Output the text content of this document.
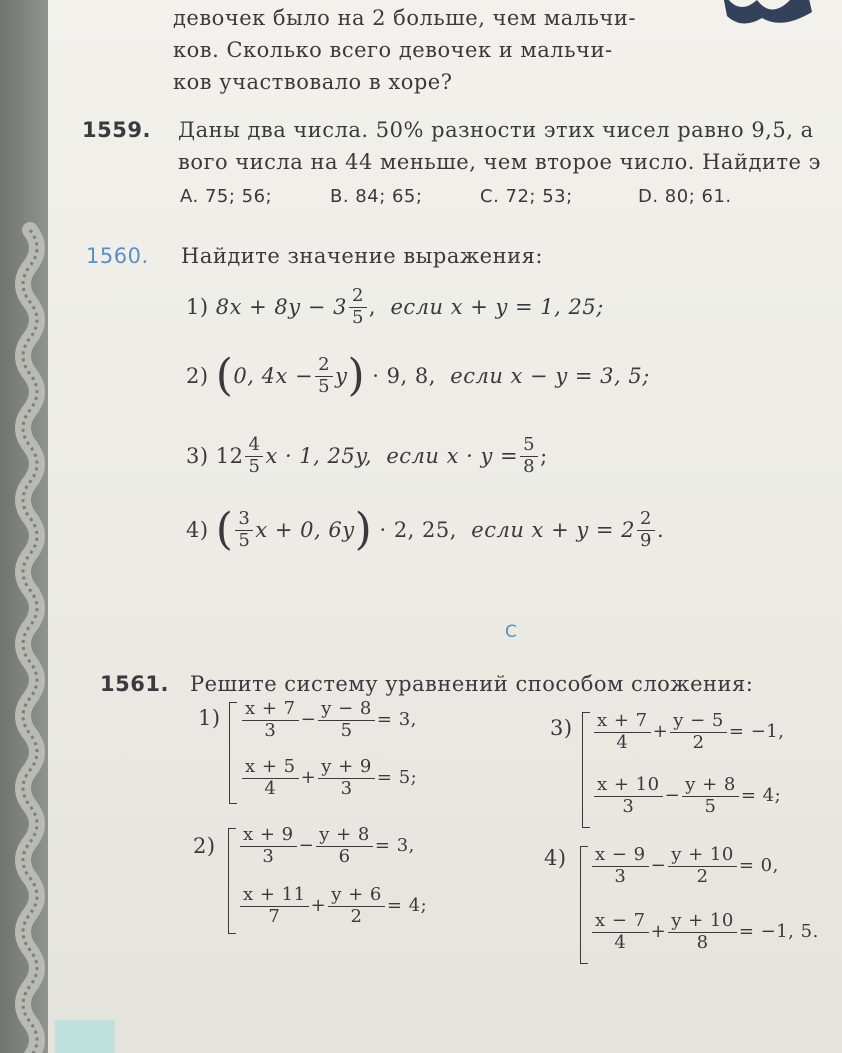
девочек было на 2 больше, чем мальчи-
ков. Сколько всего девочек и мальчи-
ков участвовало в хоре?
1559. Даны два числа. 50% разности этих чисел равно 9,5, а
вого числа на 44 меньше, чем второе число. Найдите э
A. 75; 56;	B. 84; 65;	C. 72; 53;	D. 80; 61.
1560. Найдите значение выражения:
1)
$8x + 8y - 3 \frac{2}{5}$ ,
если x + y = 1, 25;
2)
( 0, $4x - \frac{2}{5}$ y )
· 9, 8,
если x − y = 3, 5;
3)
$12 \frac{4}{5}$ x · 1, 25y,
если $x \cdot y = \frac{5}{8}$ ;
4)
( $\frac{3}{5}$ x + 0, 6y )
· 2, 25,
если $x + y = 2 \frac{2}{9}$ .
C
1561. Решите систему уравнений способом сложения:
$1) \frac{x + 7}{3} - \frac{y - 8}{5} = 3$,
$\frac{x + 5}{4} + \frac{y + 9}{3} = 5$;
$2) \frac{x + 9}{3} - \frac{y + 8}{6} = 3$,
$\frac{x + 11}{7} + \frac{y + 6}{2} = 4$;
$3) \frac{x + 7}{4} + \frac{y - 5}{2} = -1$,
$\frac{x + 10}{3} - \frac{y + 8}{5} = 4$;
$4) \frac{x - 9}{3} - \frac{y + 10}{2} = 0$,
$\frac{x - 7}{4} + \frac{y + 10}{8} = -1$, 5.
